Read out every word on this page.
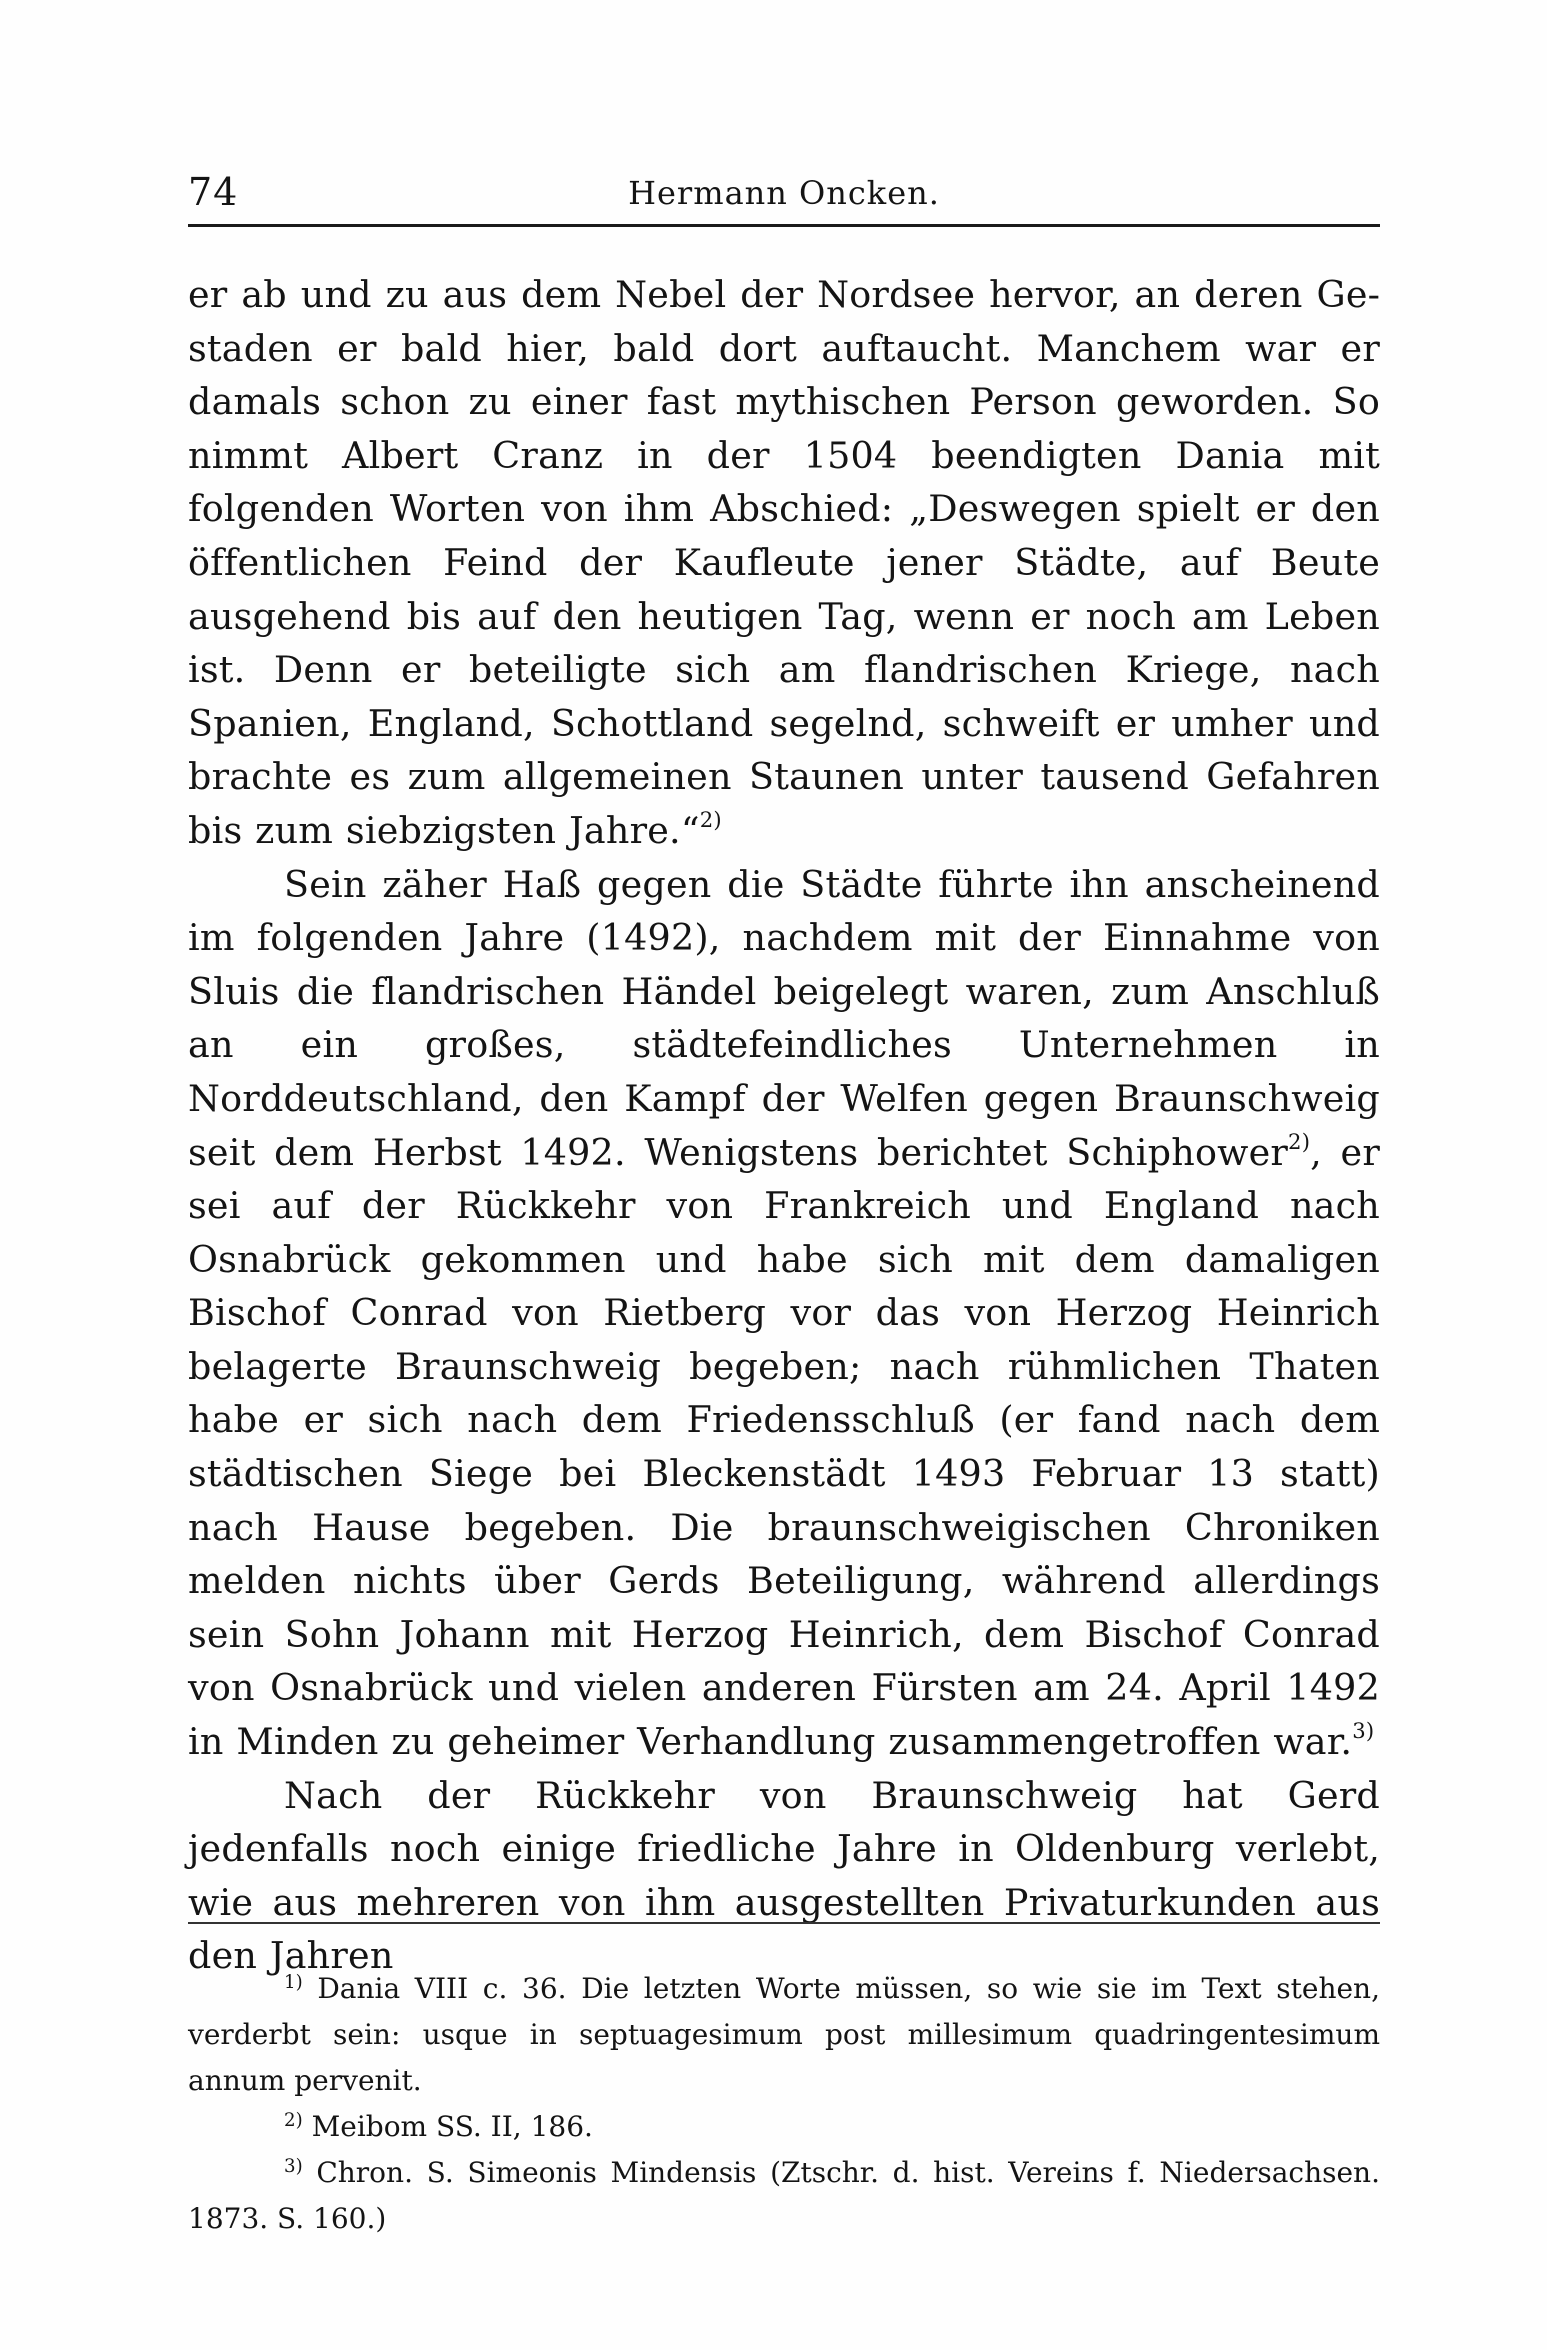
74	Hermann Oncken.

er ab und zu aus dem Nebel der Nordsee hervor, an deren Gestaden er bald hier, bald dort auftaucht. Manchem war er damals schon zu einer fast mythischen Person geworden. So nimmt Albert Cranz in der 1504 beendigten Dania mit folgenden Worten von ihm Abschied: „Deswegen spielt er den öffentlichen Feind der Kaufleute jener Städte, auf Beute ausgehend bis auf den heutigen Tag, wenn er noch am Leben ist. Denn er beteiligte sich am flandrischen Kriege, nach Spanien, England, Schottland segelnd, schweift er umher und brachte es zum allgemeinen Staunen unter tausend Gefahren bis zum siebzigsten Jahre.“$^{2)}$

Sein zäher Haß gegen die Städte führte ihn anscheinend im folgenden Jahre (1492), nachdem mit der Einnahme von Sluis die flandrischen Händel beigelegt waren, zum Anschluß an ein großes, städtefeindliches Unternehmen in Norddeutschland, den Kampf der Welfen gegen Braunschweig seit dem Herbst 1492. Wenigstens berichtet Schiphower$^{2)}$, er sei auf der Rückkehr von Frankreich und England nach Osnabrück gekommen und habe sich mit dem damaligen Bischof Conrad von Rietberg vor das von Herzog Heinrich belagerte Braunschweig begeben; nach rühmlichen Thaten habe er sich nach dem Friedensschluß (er fand nach dem städtischen Siege bei Bleckenstädt 1493 Februar 13 statt) nach Hause begeben. Die braunschweigischen Chroniken melden nichts über Gerds Beteiligung, während allerdings sein Sohn Johann mit Herzog Heinrich, dem Bischof Conrad von Osnabrück und vielen anderen Fürsten am 24. April 1492 in Minden zu geheimer Verhandlung zusammengetroffen war.$^{3)}$

Nach der Rückkehr von Braunschweig hat Gerd jedenfalls noch einige friedliche Jahre in Oldenburg verlebt, wie aus mehreren von ihm ausgestellten Privaturkunden aus den Jahren

$^{1)}$ Dania VIII c. 36. Die letzten Worte müssen, so wie sie im Text stehen, verderbt sein: usque in septuagesimum post millesimum quadringentesimum annum pervenit.

$^{2)}$ Meibom SS. II, 186.

$^{3)}$ Chron. S. Simeonis Mindensis (Ztschr. d. hist. Vereins f. Niedersachsen. 1873. S. 160.)
